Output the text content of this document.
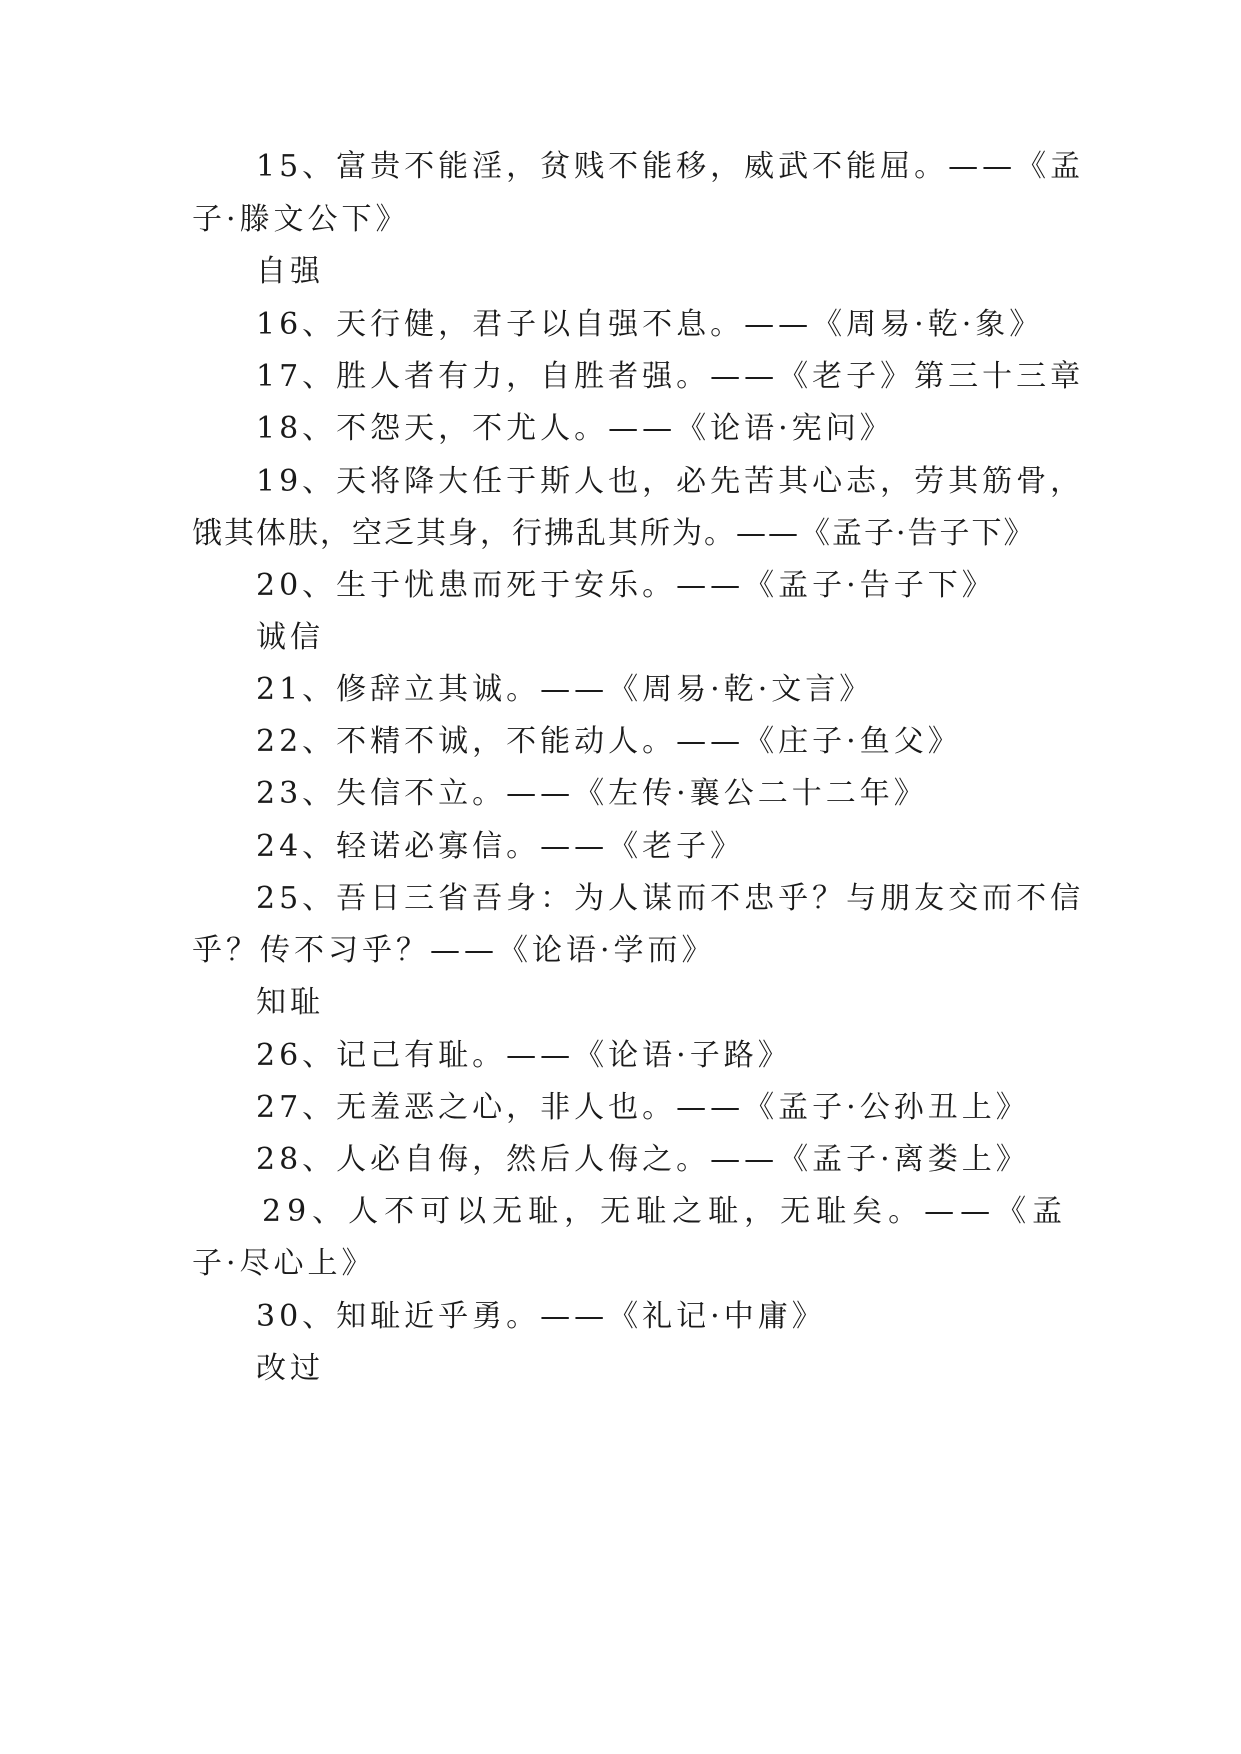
15、富贵不能淫，贫贱不能移，威武不能屈。——《孟
子·滕文公下》
自强
16、天行健，君子以自强不息。——《周易·乾·象》
17、胜人者有力，自胜者强。——《老子》第三十三章
18、不怨天，不尤人。——《论语·宪问》
19、天将降大任于斯人也，必先苦其心志，劳其筋骨，
饿其体肤，空乏其身，行拂乱其所为。——《孟子·告子下》
20、生于忧患而死于安乐。——《孟子·告子下》
诚信
21、修辞立其诚。——《周易·乾·文言》
22、不精不诚，不能动人。——《庄子·鱼父》
23、失信不立。——《左传·襄公二十二年》
24、轻诺必寡信。——《老子》
25、吾日三省吾身：为人谋而不忠乎？与朋友交而不信
乎？传不习乎？——《论语·学而》
知耻
26、记己有耻。——《论语·子路》
27、无羞恶之心，非人也。——《孟子·公孙丑上》
28、人必自侮，然后人侮之。——《孟子·离娄上》
29、人不可以无耻，无耻之耻，无耻矣。——《孟
子·尽心上》
30、知耻近乎勇。——《礼记·中庸》
改过
